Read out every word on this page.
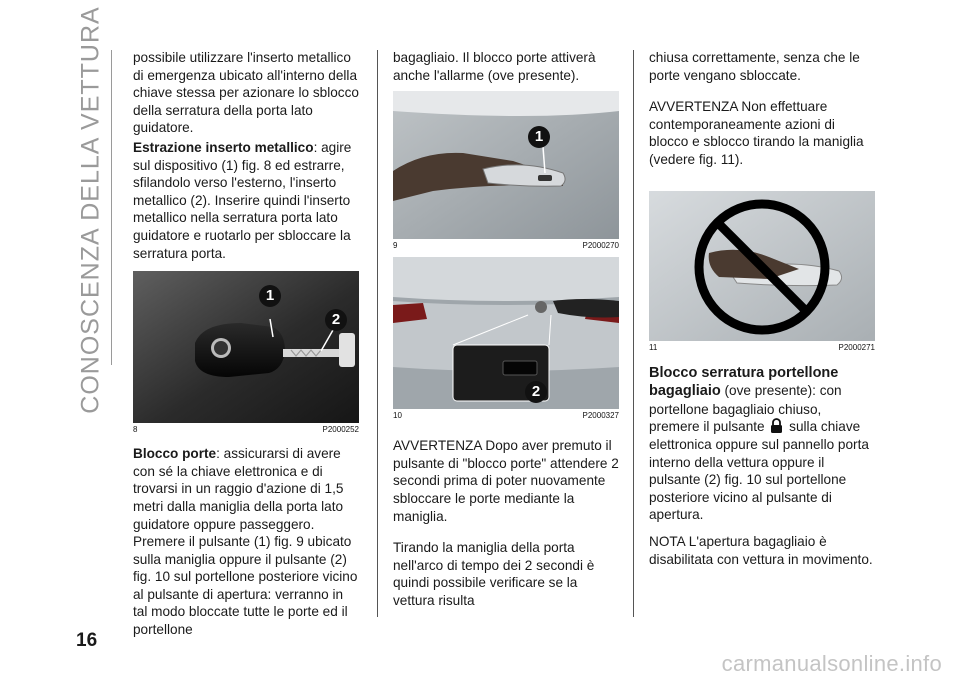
CONOSCENZA DELLA VETTURA
16

possibile utilizzare l'inserto metallico di emergenza ubicato all'interno della chiave stessa per azionare lo sblocco della serratura della porta lato guidatore.

Estrazione inserto metallico: agire sul dispositivo (1) fig. 8 ed estrarre, sfilandolo verso l'esterno, l'inserto metallico (2). Inserire quindi l'inserto metallico nella serratura porta lato guidatore e ruotarlo per sbloccare la serratura porta.

1
2
8	P2000252

Blocco porte: assicurarsi di avere con sé la chiave elettronica e di trovarsi in un raggio d'azione di 1,5 metri dalla maniglia della porta lato guidatore oppure passeggero. Premere il pulsante (1) fig. 9 ubicato sulla maniglia oppure il pulsante (2) fig. 10 sul portellone posteriore vicino al pulsante di apertura: verranno in tal modo bloccate tutte le porte ed il portellone

bagagliaio. Il blocco porte attiverà anche l'allarme (ove presente).

1
9	P2000270
2
10	P2000327

AVVERTENZA Dopo aver premuto il pulsante di "blocco porte" attendere 2 secondi prima di poter nuovamente sbloccare le porte mediante la maniglia.

Tirando la maniglia della porta nell'arco di tempo dei 2 secondi è quindi possibile verificare se la vettura risulta

chiusa correttamente, senza che le porte vengano sbloccate.

AVVERTENZA Non effettuare contemporaneamente azioni di blocco e sblocco tirando la maniglia (vedere fig. 11).

11	P2000271
Blocco serratura portellone

bagagliaio (ove presente): con portellone bagagliaio chiuso, premere il pulsante  sulla chiave elettronica oppure sul pannello porta interno della vettura oppure il pulsante (2) fig. 10 sul portellone posteriore vicino al pulsante di apertura.

NOTA L'apertura bagagliaio è disabilitata con vettura in movimento.

carmanualsonline.info
